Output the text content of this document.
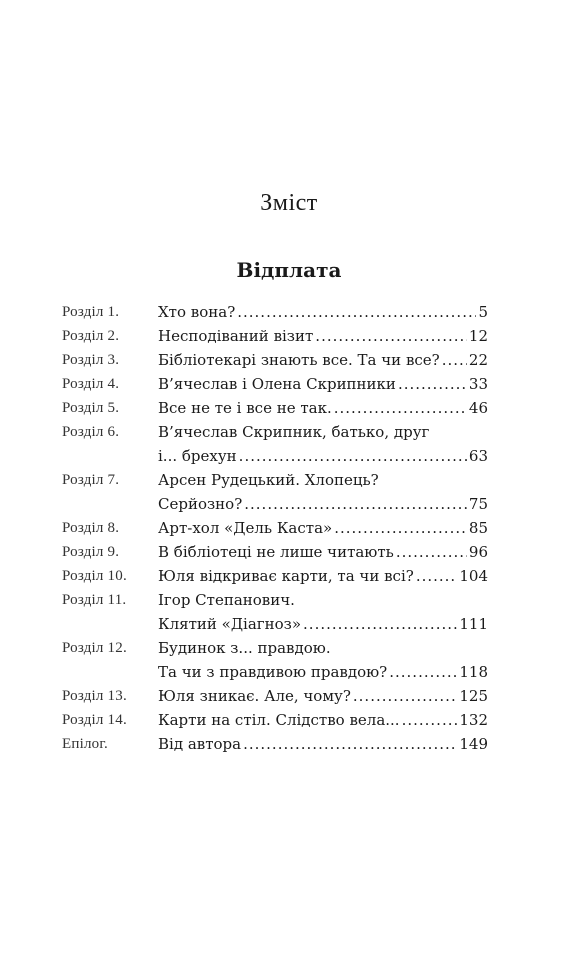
Зміст
Відплата
Розділ 1.	Хто вона? .....	5
Розділ 2.	Несподіваний візит .....	12
Розділ 3.	Бібліотекарі знають все. Та чи все? ..... 22
Розділ 4.	В’ячеслав і Олена Скрипники .....	33
Розділ 5.	Все не те і все не так. .....	46
Розділ 6.	В’ячеслав Скрипник, батько, друг
і... брехун .....	63
Розділ 7.	Арсен Рудецький. Хлопець?
Серйозно? .....	75
Розділ 8.	Арт-хол «Дель Каста» .....	85
Розділ 9.	В бібліотеці не лише читають .....	96
Розділ 10.	Юля відкриває карти, та чи всі? .....	104
Розділ 11.	Ігор Степанович.
Клятий «Діагноз» .....	111
Розділ 12.	Будинок з... правдою.
Та чи з правдивою правдою? .....	118
Розділ 13.	Юля зникає. Але, чому? .....	125
Розділ 14.	Карти на стіл. Слідство вела... .....	132
Епілог.	Від автора .....	149
